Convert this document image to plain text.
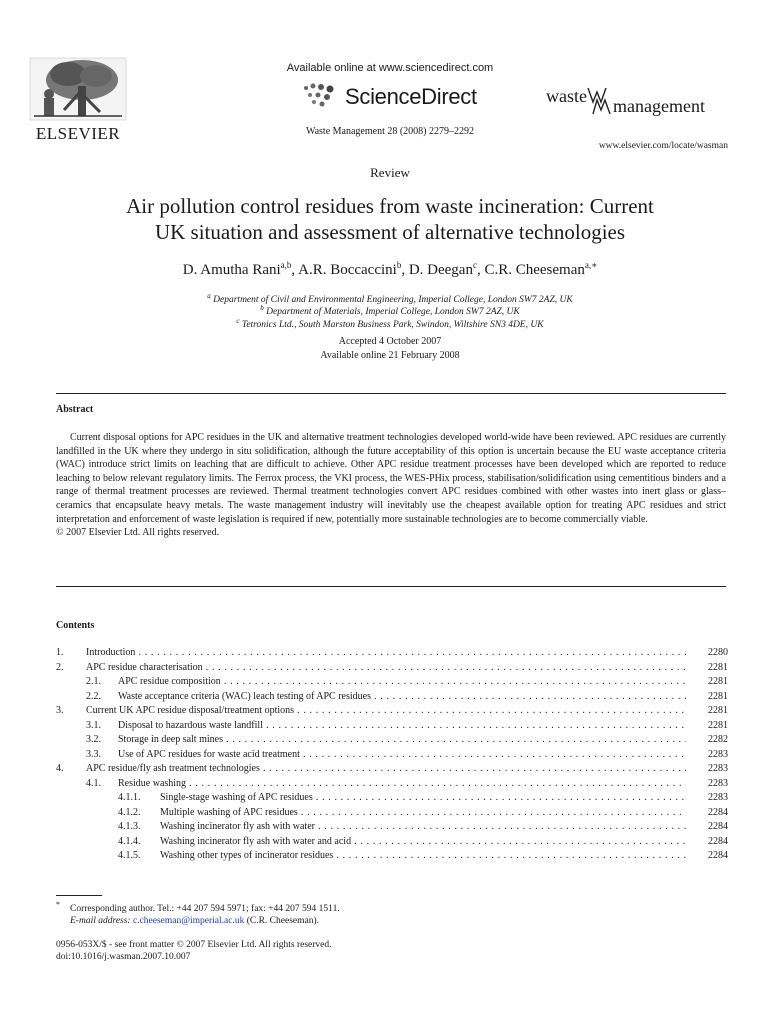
ELSEVIER
Available online at www.sciencedirect.com
ScienceDirect
Waste Management 28 (2008) 2279–2292
waste management
www.elsevier.com/locate/wasman
Review
Air pollution control residues from waste incineration: Current
UK situation and assessment of alternative technologies
D. Amutha Rani$^{a,b}$, A.R. Boccaccini$^b$, D. Deegan$^c$, C.R. Cheeseman$^{a,∗}$
$^a$ Department of Civil and Environmental Engineering, Imperial College, London SW7 2AZ, UK
$^b$ Department of Materials, Imperial College, London SW7 2AZ, UK
$^c$ Tetronics Ltd., South Marston Business Park, Swindon, Wiltshire SN3 4DE, UK
Accepted 4 October 2007
Available online 21 February 2008
Abstract

Current disposal options for APC residues in the UK and alternative treatment technologies developed world-wide have been reviewed. APC residues are currently landfilled in the UK where they undergo in situ solidification, although the future acceptability of this option is uncertain because the EU waste acceptance criteria (WAC) introduce strict limits on leaching that are difficult to achieve. Other APC residue treatment processes have been developed which are reported to reduce leaching to below relevant regulatory limits. The Ferrox process, the VKI process, the WES-PHix process, stabilisation/solidification using cementitious binders and a range of thermal treatment processes are reviewed. Thermal treatment technologies convert APC residues combined with other wastes into inert glass or glass–ceramics that encapsulate heavy metals. The waste management industry will inevitably use the cheapest available option for treating APC residues and strict interpretation and enforcement of waste legislation is required if new, potentially more sustainable technologies are to become commercially viable.

© 2007 Elsevier Ltd. All rights reserved.

Contents
1. Introduction . . .	2280
2. APC residue characterisation . . .	2281
2.1. APC residue composition . . .	2281
2.2. Waste acceptance criteria (WAC) leach testing of APC residues . . .	2281
3. Current UK APC residue disposal/treatment options . . .	2281
3.1. Disposal to hazardous waste landfill . . .	2281
3.2. Storage in deep salt mines . . .	2282
3.3. Use of APC residues for waste acid treatment . . .	2283
4. APC residue/fly ash treatment technologies . . .	2283
4.1. Residue washing . . .	2283
4.1.1. Single-stage washing of APC residues . . .	2283
4.1.2. Multiple washing of APC residues . . .	2284
4.1.3. Washing incinerator fly ash with water . . .	2284
4.1.4. Washing incinerator fly ash with water and acid . . .	2284
4.1.5. Washing other types of incinerator residues . . .	2284
* Corresponding author. Tel.: +44 207 594 5971; fax: +44 207 594 1511.
E-mail address: c.cheeseman@imperial.ac.uk (C.R. Cheeseman).
0956-053X/$ - see front matter © 2007 Elsevier Ltd. All rights reserved.
doi:10.1016/j.wasman.2007.10.007
